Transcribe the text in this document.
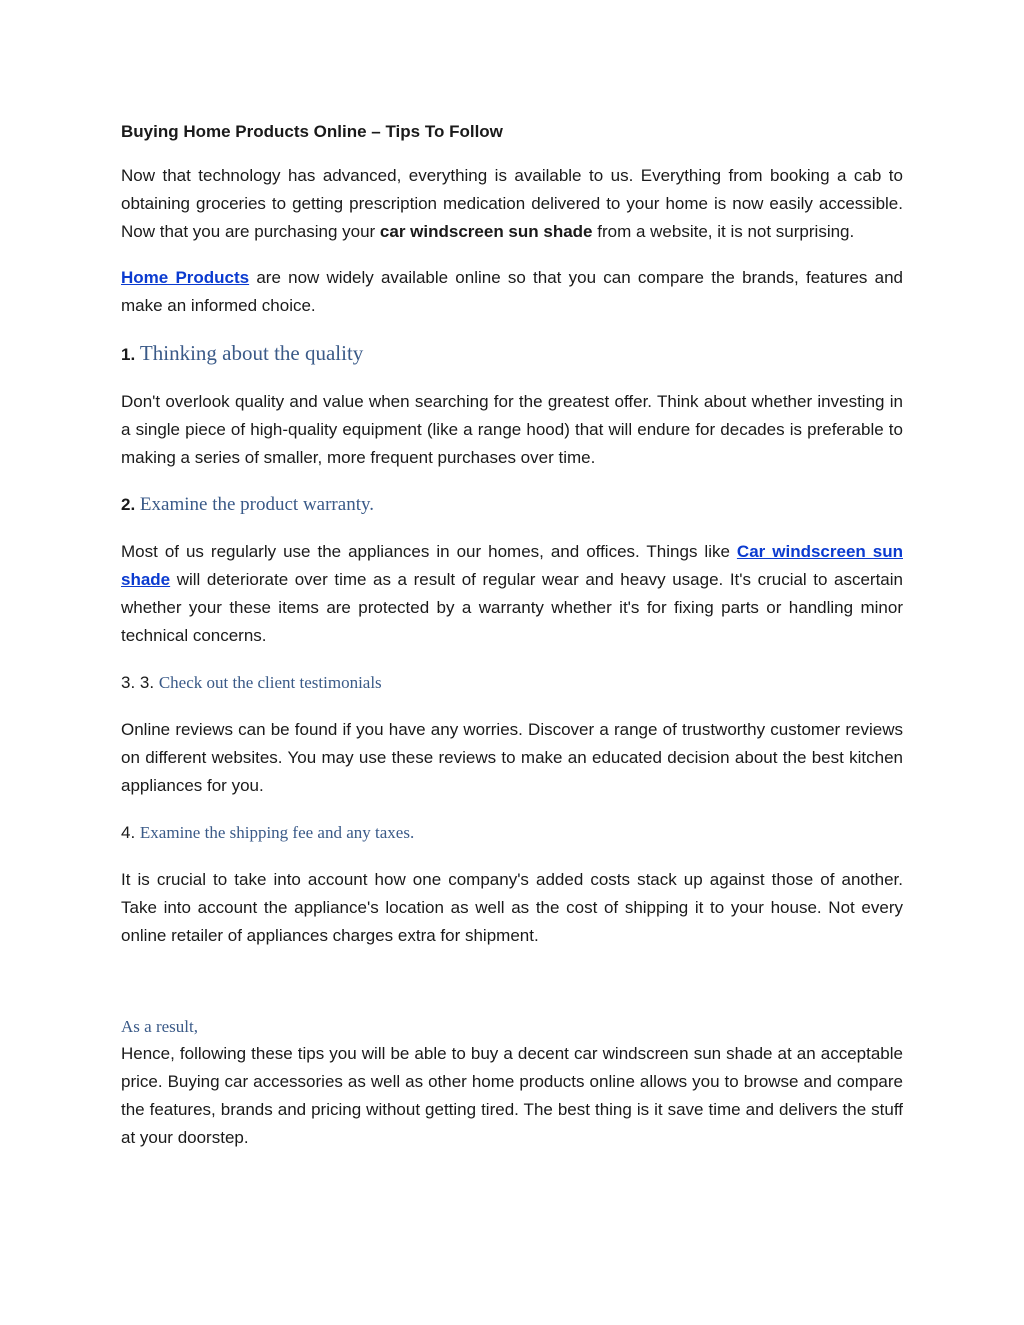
Buying Home Products Online – Tips To Follow

Now that technology has advanced, everything is available to us. Everything from booking a cab to obtaining groceries to getting prescription medication delivered to your home is now easily accessible. Now that you are purchasing your car windscreen sun shade from a website, it is not surprising.

Home Products are now widely available online so that you can compare the brands, features and make an informed choice.

1. Thinking about the quality

Don't overlook quality and value when searching for the greatest offer. Think about whether investing in a single piece of high-quality equipment (like a range hood) that will endure for decades is preferable to making a series of smaller, more frequent purchases over time.

2. Examine the product warranty.

Most of us regularly use the appliances in our homes, and offices. Things like Car windscreen sun shade will deteriorate over time as a result of regular wear and heavy usage. It's crucial to ascertain whether your these items are protected by a warranty whether it's for fixing parts or handling minor technical concerns.

3. 3. Check out the client testimonials

Online reviews can be found if you have any worries. Discover a range of trustworthy customer reviews on different websites. You may use these reviews to make an educated decision about the best kitchen appliances for you.

4. Examine the shipping fee and any taxes.

It is crucial to take into account how one company's added costs stack up against those of another. Take into account the appliance's location as well as the cost of shipping it to your house. Not every online retailer of appliances charges extra for shipment.

As a result,

Hence, following these tips you will be able to buy a decent car windscreen sun shade at an acceptable price. Buying car accessories as well as other home products online allows you to browse and compare the features, brands and pricing without getting tired. The best thing is it save time and delivers the stuff at your doorstep.
